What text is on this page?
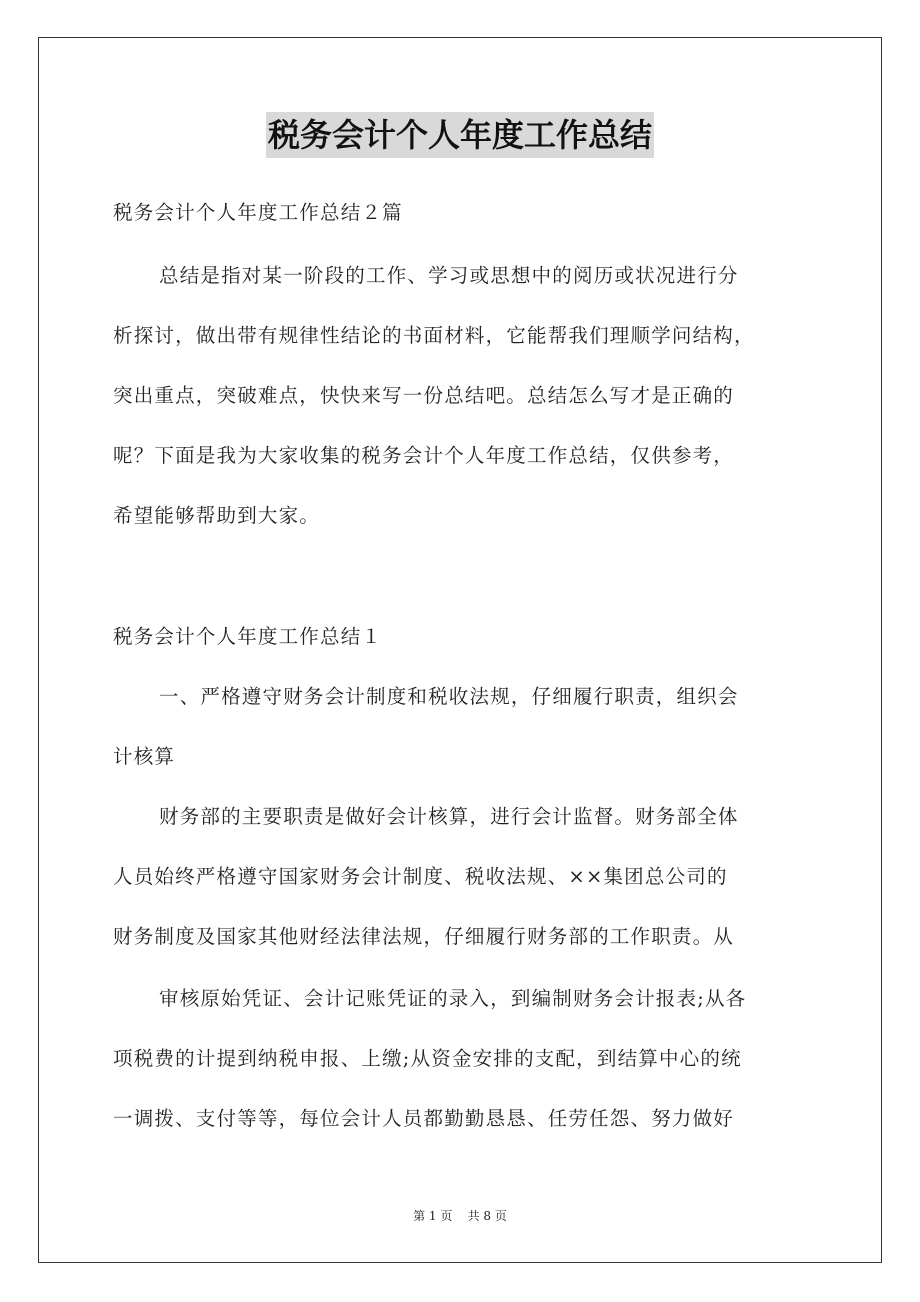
税务会计个人年度工作总结

税务会计个人年度工作总结２篇

总结是指对某一阶段的工作、学习或思想中的阅历或状况进行分

析探讨，做出带有规律性结论的书面材料，它能帮我们理顺学问结构，

突出重点，突破难点，快快来写一份总结吧。总结怎么写才是正确的

呢？下面是我为大家收集的税务会计个人年度工作总结，仅供参考，

希望能够帮助到大家。

税务会计个人年度工作总结１

一、严格遵守财务会计制度和税收法规，仔细履行职责，组织会

计核算

财务部的主要职责是做好会计核算，进行会计监督。财务部全体

人员始终严格遵守国家财务会计制度、税收法规、××集团总公司的

财务制度及国家其他财经法律法规，仔细履行财务部的工作职责。从

审核原始凭证、会计记账凭证的录入，到编制财务会计报表;从各

项税费的计提到纳税申报、上缴;从资金安排的支配，到结算中心的统

一调拨、支付等等，每位会计人员都勤勤恳恳、任劳任怨、努力做好

第 1 页    共 8 页
